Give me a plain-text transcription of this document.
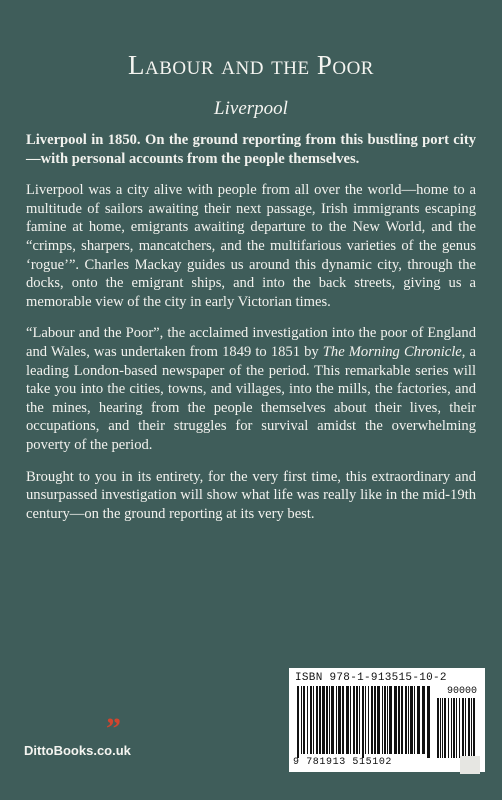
Labour and the Poor
Liverpool

Liverpool in 1850. On the ground reporting from this bustling port city—with personal accounts from the people themselves.

Liverpool was a city alive with people from all over the world—home to a multitude of sailors awaiting their next passage, Irish immigrants escaping famine at home, emigrants awaiting departure to the New World, and the “crimps, sharpers, mancatchers, and the multifarious varieties of the genus ‘rogue’”. Charles Mackay guides us around this dynamic city, through the docks, onto the emigrant ships, and into the back streets, giving us a memorable view of the city in early Victorian times.

“Labour and the Poor”, the acclaimed investigation into the poor of England and Wales, was undertaken from 1849 to 1851 by The Morning Chronicle, a leading London-based newspaper of the period. This remarkable series will take you into the cities, towns, and villages, into the mills, the factories, and the mines, hearing from the people themselves about their lives, their occupations, and their struggles for survival amidst the overwhelming poverty of the period.

Brought to you in its entirety, for the very first time, this extraordinary and unsurpassed investigation will show what life was really like in the mid-19th century—on the ground reporting at its very best.

”
DittoBooks.co.uk
ISBN 978-1-913515-10-2
90000
9 781913 515102
